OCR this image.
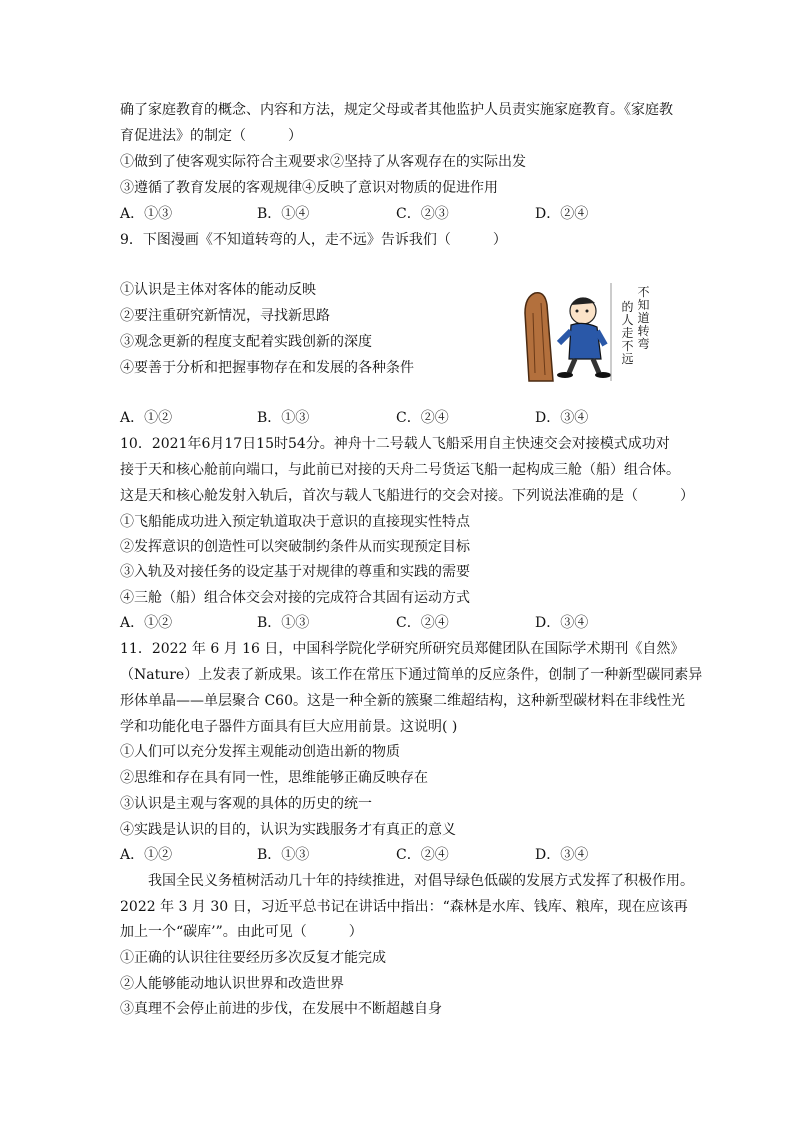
确了家庭教育的概念、内容和方法，规定父母或者其他监护人员责实施家庭教育。《家庭教
育促进法》的制定（　　　）
①做到了使客观实际符合主观要求②坚持了从客观存在的实际出发
③遵循了教育发展的客观规律④反映了意识对物质的促进作用
A．①③	B．①④	C．②③	D．②④
9．下图漫画《不知道转弯的人，走不远》告诉我们（　　　）
①认识是主体对客体的能动反映
②要注重研究新情况，寻找新思路
③观念更新的程度支配着实践创新的深度
④要善于分析和把握事物存在和发展的各种条件
的人走不远
不知道转弯
A．①②	B．①③	C．②④	D．③④
10．2021年6月17日15时54分。神舟十二号载人飞船采用自主快速交会对接模式成功对
接于天和核心舱前向端口，与此前已对接的天舟二号货运飞船一起构成三舱（船）组合体。
这是天和核心舱发射入轨后，首次与载人飞船进行的交会对接。下列说法准确的是（　　　）
①飞船能成功进入预定轨道取决于意识的直接现实性特点
②发挥意识的创造性可以突破制约条件从而实现预定目标
③入轨及对接任务的设定基于对规律的尊重和实践的需要
④三舱（船）组合体交会对接的完成符合其固有运动方式
A．①②	B．①③	C．②④	D．③④
11．2022 年 6 月 16 日，中国科学院化学研究所研究员郑健团队在国际学术期刊《自然》
（Nature）上发表了新成果。该工作在常压下通过简单的反应条件，创制了一种新型碳同素异
形体单晶——单层聚合 C60。这是一种全新的簇聚二维超结构，这种新型碳材料在非线性光
学和功能化电子器件方面具有巨大应用前景。这说明( )
①人们可以充分发挥主观能动创造出新的物质
②思维和存在具有同一性，思维能够正确反映存在
③认识是主观与客观的具体的历史的统一
④实践是认识的目的，认识为实践服务才有真正的意义
A．①②	B．①③	C．②④	D．③④
我国全民义务植树活动几十年的持续推进，对倡导绿色低碳的发展方式发挥了积极作用。
2022 年 3 月 30 日，习近平总书记在讲话中指出：“森林是水库、钱库、粮库，现在应该再
加上一个“碳库’”。由此可见（　　　）
①正确的认识往往要经历多次反复才能完成
②人能够能动地认识世界和改造世界
③真理不会停止前进的步伐，在发展中不断超越自身
